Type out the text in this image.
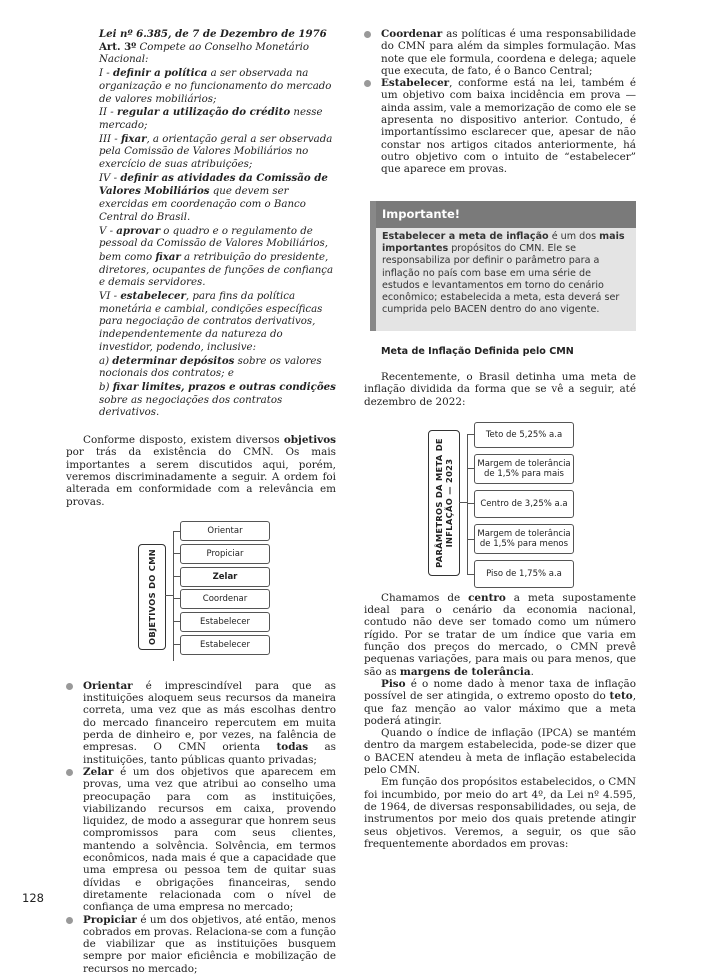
Lei nº 6.385, de 7 de Dezembro de 1976

Art. 3º Compete ao Conselho Monetário Nacional:

I - definir a política a ser observada na organização e no funcionamento do mercado de valores mobiliários;

II - regular a utilização do crédito nesse mercado;

III - fixar, a orientação geral a ser observada pela Comissão de Valores Mobiliários no exercício de suas atribuições;

IV - definir as atividades da Comissão de Valores Mobiliários que devem ser exercidas em coordenação com o Banco Central do Brasil.

V - aprovar o quadro e o regulamento de pessoal da Comissão de Valores Mobiliários, bem como fixar a retribuição do presidente, diretores, ocupantes de funções de confiança e demais servidores.

VI - estabelecer, para fins da política monetária e cambial, condições específicas para negociação de contratos derivativos, independentemente da natureza do investidor, podendo, inclusive:

a) determinar depósitos sobre os valores nocionais dos contratos; e

b) fixar limites, prazos e outras condições sobre as negociações dos contratos derivativos.

Conforme disposto, existem diversos objetivos por trás da existência do CMN. Os mais importantes a serem discutidos aqui, porém, veremos discriminadamente a seguir. A ordem foi alterada em conformidade com a relevância em provas.

OBJETIVOS DO CMN
Orientar
Propiciar
Zelar
Coordenar
Estabelecer
Estabelecer
Orientar é imprescindível para que as instituições aloquem seus recursos da maneira correta, uma vez que as más escolhas dentro do mercado financeiro repercutem em muita perda de dinheiro e, por vezes, na falência de empresas. O CMN orienta todas as instituições, tanto públicas quanto privadas;
Zelar é um dos objetivos que aparecem em provas, uma vez que atribui ao conselho uma preocupação para com as instituições, viabilizando recursos em caixa, provendo liquidez, de modo a assegurar que honrem seus compromissos para com seus clientes, mantendo a solvência. Solvência, em termos econômicos, nada mais é que a capacidade que uma empresa ou pessoa tem de quitar suas dívidas e obrigações financeiras, sendo diretamente relacionada com o nível de confiança de uma empresa no mercado;
Propiciar é um dos objetivos, até então, menos cobrados em provas. Relaciona-se com a função de viabilizar que as instituições busquem sempre por maior eficiência e mobilização de recursos no mercado;
Coordenar as políticas é uma responsabilidade do CMN para além da simples formulação. Mas note que ele formula, coordena e delega; aquele que executa, de fato, é o Banco Central;
Estabelecer, conforme está na lei, também é um objetivo com baixa incidência em prova — ainda assim, vale a memorização de como ele se apresenta no dispositivo anterior. Contudo, é importantíssimo esclarecer que, apesar de não constar nos artigos citados anteriormente, há outro objetivo com o intuito de “estabelecer” que aparece em provas.
Importante!
Estabelecer a meta de inflação é um dos mais importantes propósitos do CMN. Ele se responsabiliza por definir o parâmetro para a inflação no país com base em uma série de estudos e levantamentos em torno do cenário econômico; estabelecida a meta, esta deverá ser cumprida pelo BACEN dentro do ano vigente.
Meta de Inflação Definida pelo CMN

Recentemente, o Brasil detinha uma meta de inflação dividida da forma que se vê a seguir, até dezembro de 2022:

PARÂMETROS DA META DE
INFLAÇÃO — 2023
Teto de 5,25% a.a
Margem de tolerância de 1,5% para mais
Centro de 3,25% a.a
Margem de tolerância de 1,5% para menos
Piso de 1,75% a.a

Chamamos de centro a meta supostamente ideal para o cenário da economia nacional, contudo não deve ser tomado como um número rígido. Por se tratar de um índice que varia em função dos preços do mercado, o CMN prevê pequenas variações, para mais ou para menos, que são as margens de tolerância.

Piso é o nome dado à menor taxa de inflação possível de ser atingida, o extremo oposto do teto, que faz menção ao valor máximo que a meta poderá atingir.

Quando o índice de inflação (IPCA) se mantém dentro da margem estabelecida, pode-se dizer que o BACEN atendeu à meta de inflação estabelecida pelo CMN.

Em função dos propósitos estabelecidos, o CMN foi incumbido, por meio do art 4º, da Lei nº 4.595, de 1964, de diversas responsabilidades, ou seja, de instrumentos por meio dos quais pretende atingir seus objetivos. Veremos, a seguir, os que são frequentemente abordados em provas:

128
